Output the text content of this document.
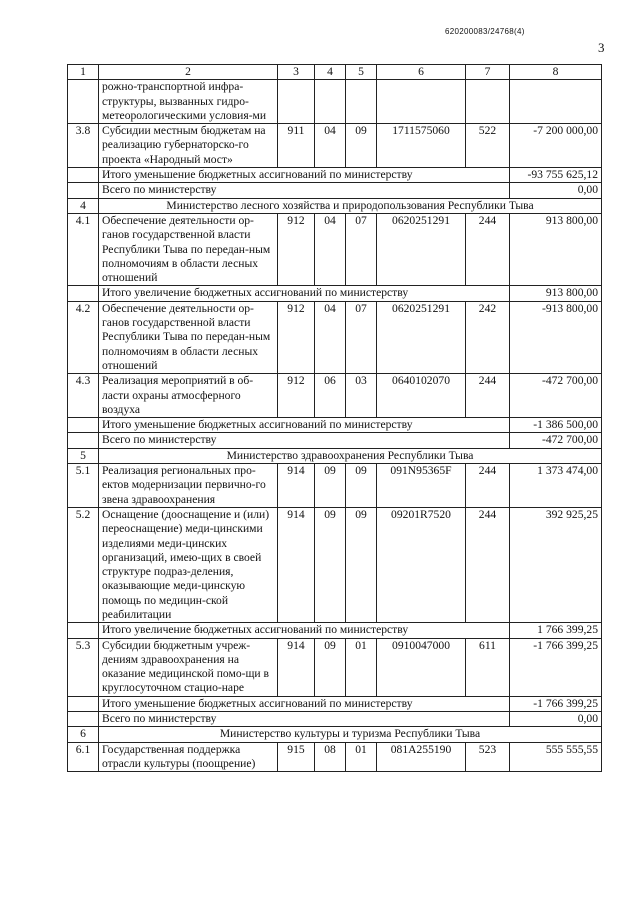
620200083/24768(4)
3
1	2	3	4	5	6	7	8
	рожно-транспортной инфра-структуры, вызванных гидро-метеорологическими условия-ми						
3.8	Субсидии местным бюджетам на реализацию губернаторско-го проекта «Народный мост»	911	04	09	1711575060	522	-7 200 000,00
	Итого уменьшение бюджетных ассигнований по министерству						-93 755 625,12
	Всего по министерству						0,00
4	Министерство лесного хозяйства и природопользования Республики Тыва						
4.1	Обеспечение деятельности ор-ганов государственной власти Республики Тыва по передан-ным полномочиям в области лесных отношений	912	04	07	0620251291	244	913 800,00
	Итого увеличение бюджетных ассигнований по министерству						913 800,00
4.2	Обеспечение деятельности ор-ганов государственной власти Республики Тыва по передан-ным полномочиям в области лесных отношений	912	04	07	0620251291	242	-913 800,00
4.3	Реализация мероприятий в об-ласти охраны атмосферного воздуха	912	06	03	0640102070	244	-472 700,00
	Итого уменьшение бюджетных ассигнований по министерству						-1 386 500,00
	Всего по министерству						-472 700,00
5	Министерство здравоохранения Республики Тыва						
5.1	Реализация региональных про-ектов модернизации первично-го звена здравоохранения	914	09	09	091N95365F	244	1 373 474,00
5.2	Оснащение (дооснащение и (или) переоснащение) меди-цинскими изделиями меди-цинских организаций, имею-щих в своей структуре подраз-деления, оказывающие меди-цинскую помощь по медицин-ской реабилитации	914	09	09	09201R7520	244	392 925,25
	Итого увеличение бюджетных ассигнований по министерству						1 766 399,25
5.3	Субсидии бюджетным учреж-дениям здравоохранения на оказание медицинской помо-щи в круглосуточном стацио-наре	914	09	01	0910047000	611	-1 766 399,25
	Итого уменьшение бюджетных ассигнований по министерству						-1 766 399,25
	Всего по министерству						0,00
6	Министерство культуры и туризма Республики Тыва						
6.1	Государственная поддержка отрасли культуры (поощрение)	915	08	01	081A255190	523	555 555,55
